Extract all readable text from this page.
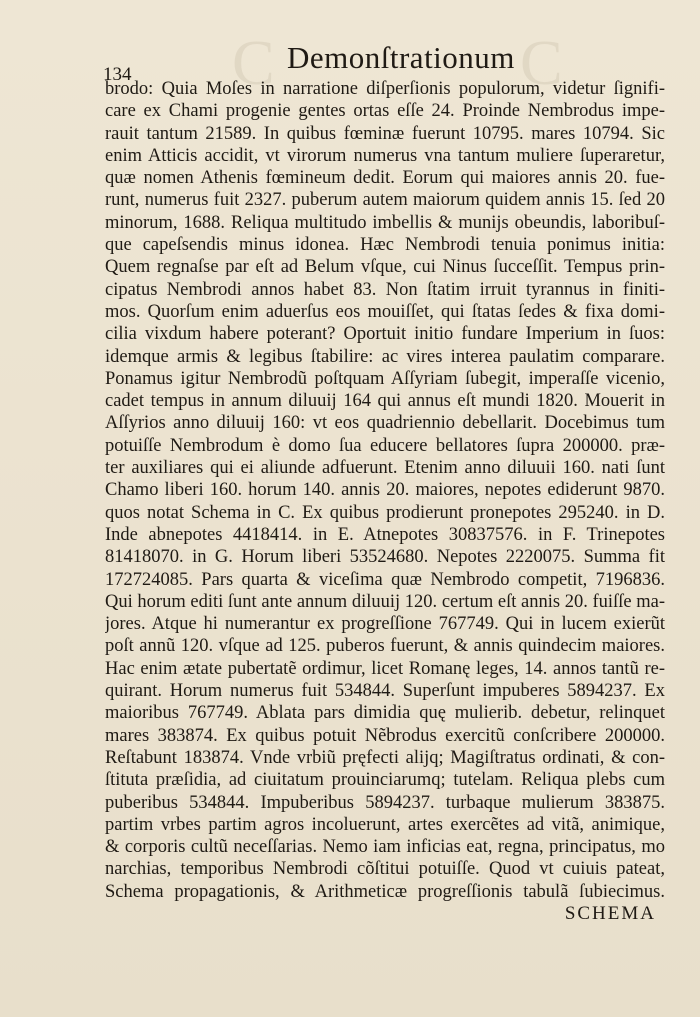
C	C
134	Demonſtrationum
brodo: Quia Moſes in narratione diſperſionis populorum, videtur ſignifi-
care ex Chami progenie gentes ortas eſſe 24. Proinde Nembrodus impe-
rauit tantum 21589. In quibus fœminæ fuerunt 10795. mares 10794. Sic
enim Atticis accidit, vt virorum numerus vna tantum muliere ſuperaretur,
quæ nomen Athenis fœmineum dedit. Eorum qui maiores annis 20. fue-
runt, numerus fuit 2327. puberum autem maiorum quidem annis 15. ſed 20
minorum, 1688. Reliqua multitudo imbellis & munijs obeundis, laboribuſ-
que capeſsendis minus idonea. Hæc Nembrodi tenuia ponimus initia:
Quem regnaſse par eſt ad Belum vſque, cui Ninus ſucceſſit. Tempus prin-
cipatus Nembrodi annos habet 83. Non ſtatim irruit tyrannus in finiti-
mos. Quorſum enim aduerſus eos mouiſſet, qui ſtatas ſedes & fixa domi-
cilia vixdum habere poterant? Oportuit initio fundare Imperium in ſuos:
idemque armis & legibus ſtabilire: ac vires interea paulatim comparare.
Ponamus igitur Nembrodũ poſtquam Aſſyriam ſubegit, imperaſſe vicenio,
cadet tempus in annum diluuij 164 qui annus eſt mundi 1820. Mouerit in
Aſſyrios anno diluuij 160: vt eos quadriennio debellarit. Docebimus tum
potuiſſe Nembrodum è domo ſua educere bellatores ſupra 200000. præ-
ter auxiliares qui ei aliunde adfuerunt. Etenim anno diluuii 160. nati ſunt
Chamo liberi 160. horum 140. annis 20. maiores, nepotes ediderunt 9870.
quos notat Schema in C. Ex quibus prodierunt pronepotes 295240. in D.
Inde abnepotes 4418414. in E. Atnepotes 30837576. in F. Trinepotes
81418070. in G. Horum liberi 53524680. Nepotes 2220075. Summa fit
172724085. Pars quarta & viceſima quæ Nembrodo competit, 7196836.
Qui horum editi ſunt ante annum diluuij 120. certum eſt annis 20. fuiſſe ma-
jores. Atque hi numerantur ex progreſſione 767749. Qui in lucem exierũt
poſt annũ 120. vſque ad 125. puberos fuerunt, & annis quindecim maiores.
Hac enim ætate pubertatẽ ordimur, licet Romanę leges, 14. annos tantũ re-
quirant. Horum numerus fuit 534844. Superſunt impuberes 5894237. Ex
maioribus 767749. Ablata pars dimidia quę mulierib. debetur, relinquet
mares 383874. Ex quibus potuit Nẽbrodus exercitũ conſcribere 200000.
Reſtabunt 183874. Vnde vrbiũ pręfecti alijq; Magiſtratus ordinati, & con-
ſtituta præſidia, ad ciuitatum prouinciarumq; tutelam. Reliqua plebs cum
puberibus 534844. Impuberibus 5894237. turbaque mulierum 383875.
partim vrbes partim agros incoluerunt, artes exercẽtes ad vitã, animique,
& corporis cultũ neceſſarias. Nemo iam inficias eat, regna, principatus, mo
narchias, temporibus Nembrodi cõſtitui potuiſſe. Quod vt cuiuis pateat,
Schema propagationis, & Arithmeticæ progreſſionis tabulã ſubiecimus.
SCHEMA
